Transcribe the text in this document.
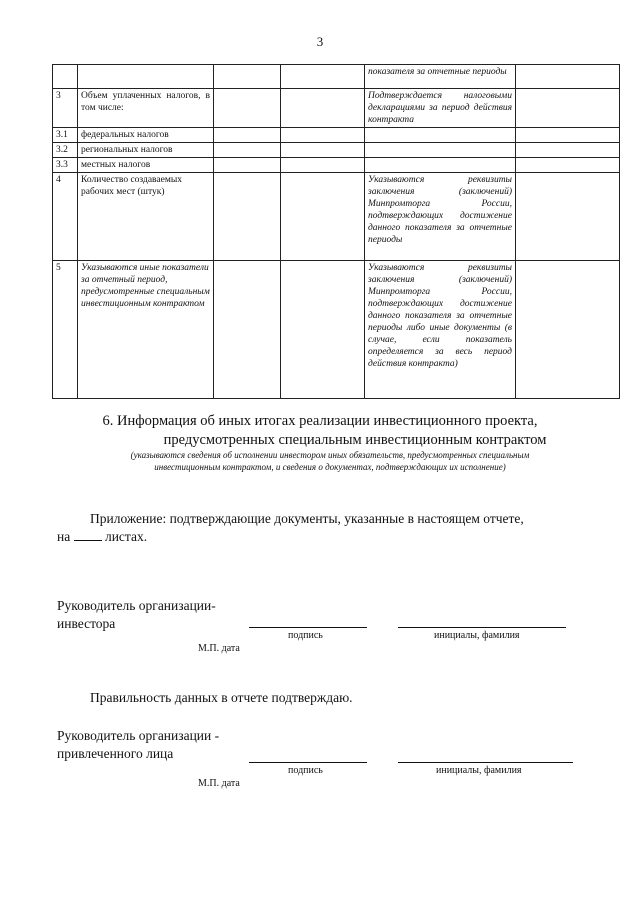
3
				показателя за отчетные периоды	
3	Объем уплаченных налогов, в том числе:			Подтверждается налоговыми декларациями за период действия контракта	
3.1	федеральных налогов				
3.2	региональных налогов				
3.3	местных налогов				
4	Количество создаваемых рабочих мест (штук)			Указываются реквизиты заключения (заключений) Минпромторга России, подтверждающих достижение данного показателя за отчетные периоды	
5	Указываются иные показатели за отчетный период, предусмотренные специальным инвестиционным контрактом			Указываются реквизиты заключения (заключений) Минпромторга России, подтверждающих достижение данного показателя за отчетные периоды либо иные документы (в случае, если показатель определяется за весь период действия контракта)	
6. Информация об иных итогах реализации инвестиционного проекта,
предусмотренных специальным инвестиционным контрактом
(указываются сведения об исполнении инвестором иных обязательств, предусмотренных специальным
инвестиционным контрактом, и сведения о документах, подтверждающих их исполнение)
Приложение: подтверждающие документы, указанные в настоящем отчете,
на	листах.
Руководитель организации-
инвестора
подпись	инициалы, фамилия
М.П. дата
Правильность данных в отчете подтверждаю.
Руководитель организации -
привлеченного лица
подпись	инициалы, фамилия
М.П. дата
